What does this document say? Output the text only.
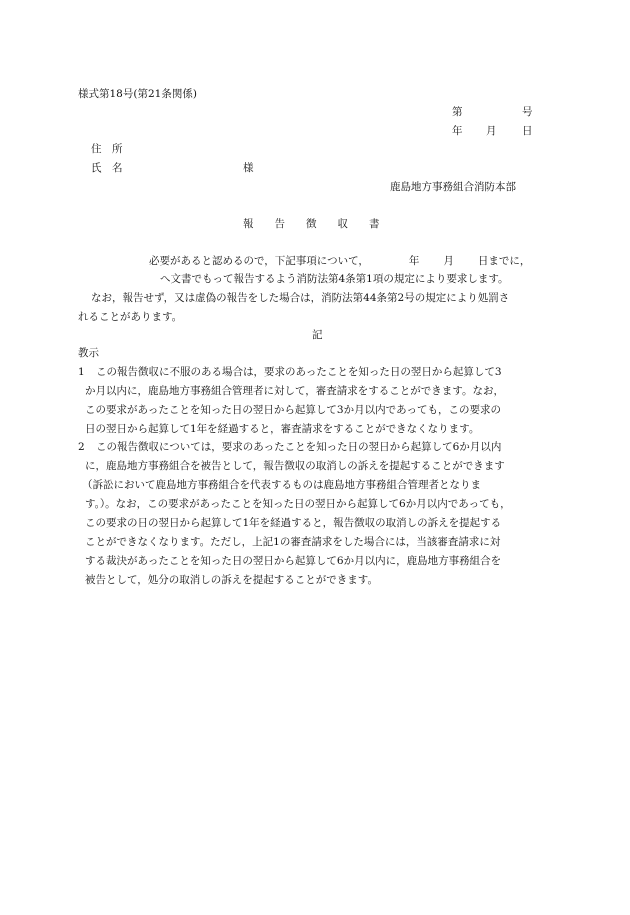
様式第18号(第21条関係)
第	号
年 月 日
住　所
氏　名	様
鹿島地方事務組合消防本部
報　　告　　徴　　収　　書
必要があると認めるので，下記事項について，	年 月 日までに，
へ文書でもって報告するよう消防法第4条第1項の規定により要求します。
なお，報告せず，又は虚偽の報告をした場合は，消防法第44条第2号の規定により処罰さ
れることがあります。
記
教示
1 この報告徴収に不服のある場合は，要求のあったことを知った日の翌日から起算して3
か月以内に，鹿島地方事務組合管理者に対して，審査請求をすることができます。なお，
この要求があったことを知った日の翌日から起算して3か月以内であっても，この要求の
日の翌日から起算して1年を経過すると，審査請求をすることができなくなります。
2 この報告徴収については，要求のあったことを知った日の翌日から起算して6か月以内
に，鹿島地方事務組合を被告として，報告徴収の取消しの訴えを提起することができます
（訴訟において鹿島地方事務組合を代表するものは鹿島地方事務組合管理者となりま
す。）。なお，この要求があったことを知った日の翌日から起算して6か月以内であっても，
この要求の日の翌日から起算して1年を経過すると，報告徴収の取消しの訴えを提起する
ことができなくなります。ただし，上記1の審査請求をした場合には，当該審査請求に対
する裁決があったことを知った日の翌日から起算して6か月以内に，鹿島地方事務組合を
被告として，処分の取消しの訴えを提起することができます。
